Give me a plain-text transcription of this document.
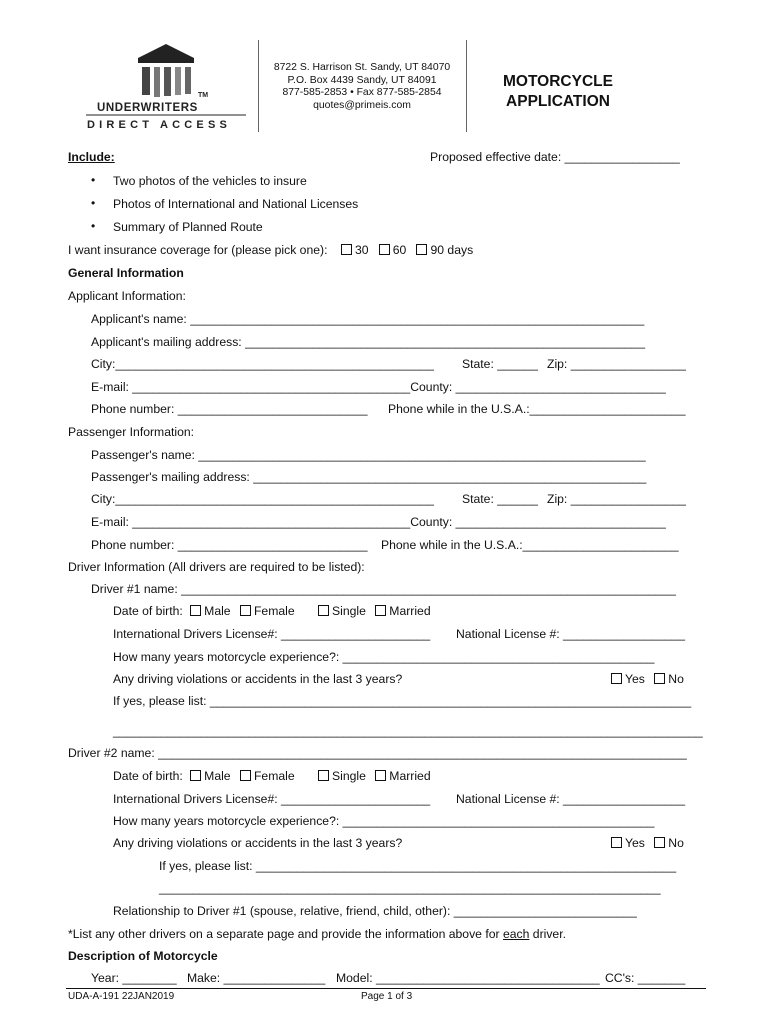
TM
UNDERWRITERS
DIRECT ACCESS
8722 S. Harrison St. Sandy, UT 84070
P.O. Box 4439 Sandy, UT 84091
877-585-2853 • Fax 877-585-2854
quotes@primeis.com
MOTORCYCLE
APPLICATION
Include:	Proposed effective date: _________________
• Two photos of the vehicles to insure
• Photos of International and National Licenses
• Summary of Planned Route
I want insurance coverage for (please pick one): 30 60 90 days
General Information
Applicant Information:
Applicant's name: ___________________________________________________________________
Applicant's mailing address: ___________________________________________________________
City:_______________________________________________ State: ______ Zip: _________________
E-mail: _________________________________________County: _______________________________
Phone number: ____________________________ Phone while in the U.S.A.:_______________________
Passenger Information:
Passenger's name: __________________________________________________________________
Passenger's mailing address: __________________________________________________________
City:_______________________________________________ State: ______ Zip: _________________
E-mail: _________________________________________County: _______________________________
Phone number: ____________________________ Phone while in the U.S.A.:_______________________
Driver Information (All drivers are required to be listed):
Driver #1 name: _________________________________________________________________________
Date of birth: Male Female	Single Married
International Drivers License#: ______________________ National License #: __________________
How many years motorcycle experience?: ______________________________________________
Any driving violations or accidents in the last 3 years?	Yes No
If yes, please list: _______________________________________________________________________
_______________________________________________________________________________________
Driver #2 name: ______________________________________________________________________________
Date of birth: Male Female	Single Married
International Drivers License#: ______________________ National License #: __________________
How many years motorcycle experience?: ______________________________________________
Any driving violations or accidents in the last 3 years?	Yes No
If yes, please list: ______________________________________________________________
__________________________________________________________________________
Relationship to Driver #1 (spouse, relative, friend, child, other): ___________________________
*List any other drivers on a separate page and provide the information above for each driver.
Description of Motorcycle
Year: ________ Make: _______________ Model: _________________________________ CC's: _______
UDA-A-191 22JAN2019	Page 1 of 3
